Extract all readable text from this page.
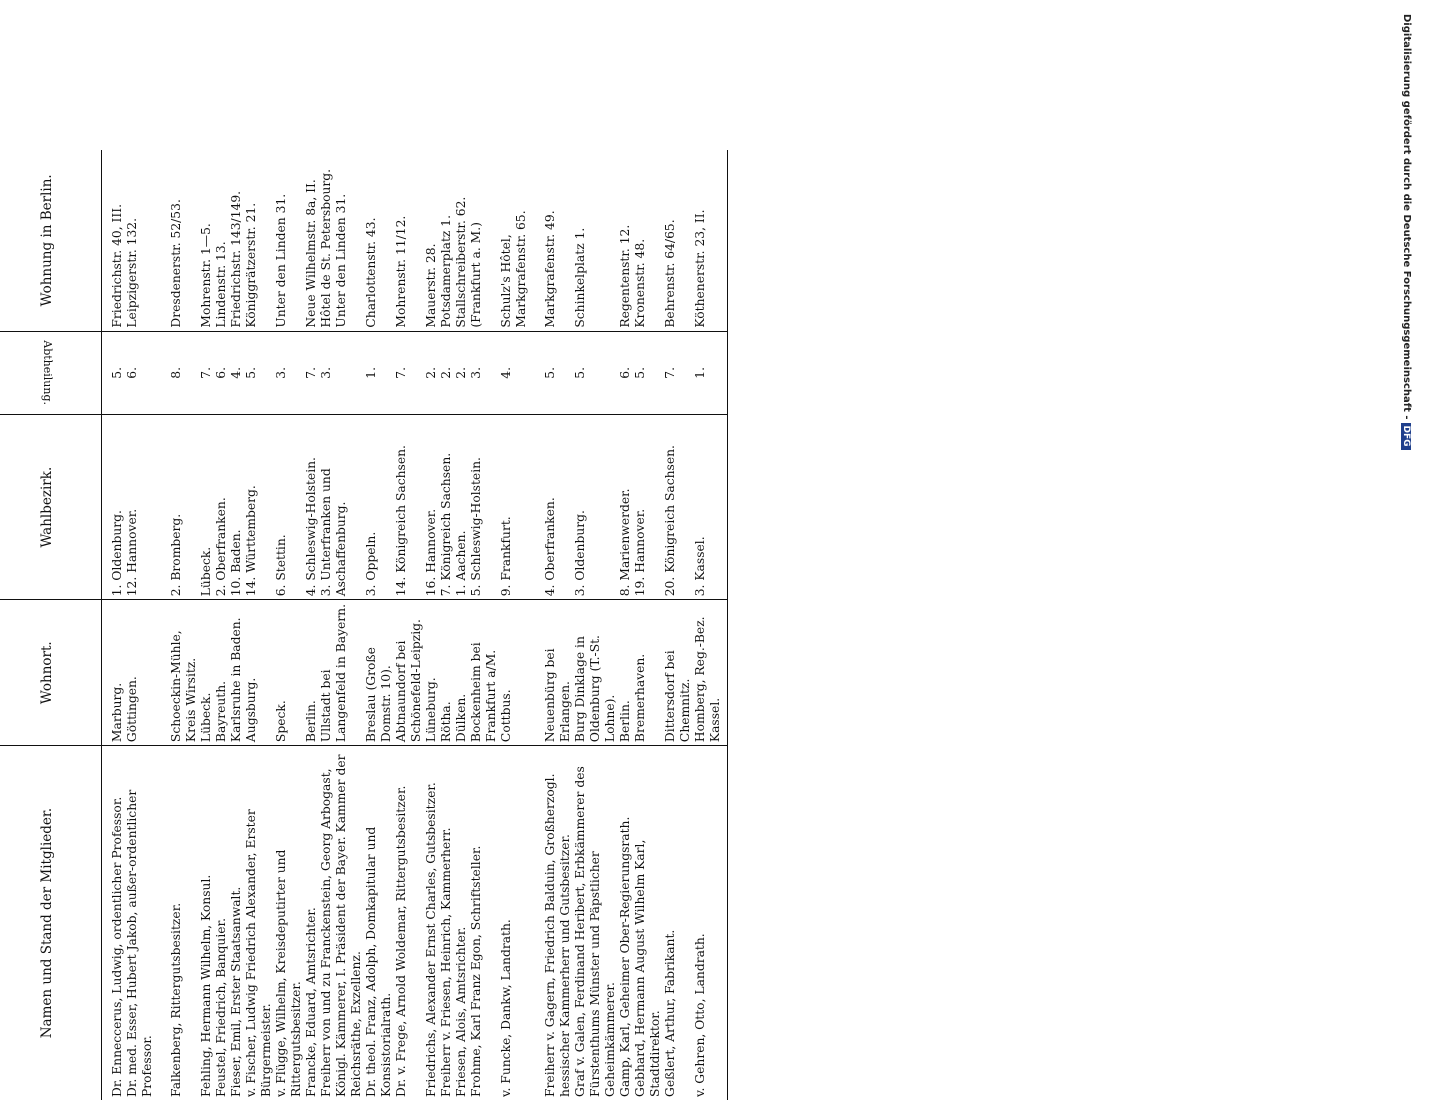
Namen und Stand der Mitglieder.	Wohnort.	Wahlbezirk.	Abtheilung.	Wohnung in Berlin.
Dr. Enneccerus, Ludwig, ordentlicher Professor.	Marburg.	1. Oldenburg.	5.	Friedrichstr. 40, III.
Dr. med. Esser, Hubert Jakob, außer-ordentlicher Professor.	Göttingen.	12. Hannover.	6.	Leipzigerstr. 132.
Falkenberg, Rittergutsbesitzer.	Schoeckin-Mühle, Kreis Wirsitz.	2. Bromberg.	8.	Dresdenerstr. 52/53.
Fehling, Hermann Wilhelm, Konsul.	Lübeck.	Lübeck.	7.	Mohrenstr. 1—5.
Feustel, Friedrich, Banquier.	Bayreuth.	2. Oberfranken.	6.	Lindenstr. 13.
Fieser, Emil, Erster Staatsanwalt.	Karlsruhe in Baden.	10. Baden.	4.	Friedrichstr. 143/149.
v. Fischer, Ludwig Friedrich Alexander, Erster Bürgermeister.	Augsburg.	14. Württemberg.	5.	Königgrätzerstr. 21.
v. Flügge, Wilhelm, Kreisdeputirter und Rittergutsbesitzer.	Speck.	6. Stettin.	3.	Unter den Linden 31.
Francke, Eduard, Amtsrichter.	Berlin.	4. Schleswig-Holstein.	7.	Neue Wilhelmstr. 8a, II.
Freiherr von und zu Franckenstein, Georg Arbogast, Königl. Kämmerer, I. Präsident der Bayer. Kammer der Reichsräthe, Exzellenz.	Ullstadt bei Langenfeld in Bayern.	3. Unterfranken und Aschaffenburg.	3.	Hôtel de St. Petersbourg. Unter den Linden 31.
Dr. theol. Franz, Adolph, Domkapitular und Konsistorialrath.	Breslau (Große Domstr. 10).	3. Oppeln.	1.	Charlottenstr. 43.
Dr. v. Frege, Arnold Woldemar, Rittergutsbesitzer.	Abtnaundorf bei Schönefeld-Leipzig.	14. Königreich Sachsen.	7.	Mohrenstr. 11/12.
Friedrichs, Alexander Ernst Charles, Gutsbesitzer.	Lüneburg.	16. Hannover.	2.	Mauerstr. 28.
Freiherr v. Friesen, Heinrich, Kammerherr.	Rötha.	7. Königreich Sachsen.	2.	Potsdamerplatz 1.
Friesen, Alois, Amtsrichter.	Dülken.	1. Aachen.	2.	Stallschreiberstr. 62.
Frohme, Karl Franz Egon, Schriftsteller.	Bockenheim bei Frankfurt a/M.	5. Schleswig-Holstein.	3.	(Frankfurt a. M.)
v. Funcke, Dankw, Landrath.	Cottbus.	9. Frankfurt.	4.	Schulz's Hôtel, Markgrafenstr. 65.
Freiherr v. Gagern, Friedrich Balduin, Großherzogl. hessischer Kammerherr und Gutsbesitzer.	Neuenbürg bei Erlangen.	4. Oberfranken.	5.	Markgrafenstr. 49.
Graf v. Galen, Ferdinand Heribert, Erbkämmerer des Fürstenthums Münster und Päpstlicher Geheimkämmerer.	Burg Dinklage in Oldenburg (T.-St. Lohne).	3. Oldenburg.	5.	Schinkelplatz 1.
Gamp, Karl, Geheimer Ober-Regierungsrath.	Berlin.	8. Marienwerder.	6.	Regentenstr. 12.
Gebhard, Hermann August Wilhelm Karl, Stadtdirektor.	Bremerhaven.	19. Hannover.	5.	Kronenstr. 48.
Geßlert, Arthur, Fabrikant.	Dittersdorf bei Chemnitz.	20. Königreich Sachsen.	7.	Behrenstr. 64/65.
v. Gehren, Otto, Landrath.	Homberg, Reg.-Bez. Kassel.	3. Kassel.	1.	Köthenerstr. 23, II.	Digitalisierung gefördert durch die Deutsche Forschungsgemeinschaft -DFG
